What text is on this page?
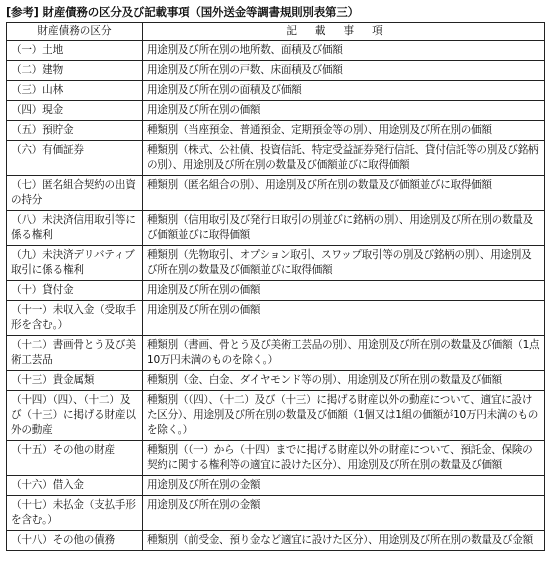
[参考] 財産債務の区分及び記載事項（国外送金等調書規則別表第三）
財産債務の区分	記載事項
（一）土地	用途別及び所在別の地所数、面積及び価額
（二）建物	用途別及び所在別の戸数、床面積及び価額
（三）山林	用途別及び所在別の面積及び価額
（四）現金	用途別及び所在別の価額
（五）預貯金	種類別（当座預金、普通預金、定期預金等の別）、用途別及び所在別の価額
（六）有価証券	種類別（株式、公社債、投資信託、特定受益証券発行信託、貸付信託等の別及び銘柄の別）、用途別及び所在別の数量及び価額並びに取得価額
（七）匿名組合契約の出資の持分	種類別（匿名組合の別）、用途別及び所在別の数量及び価額並びに取得価額
（八）未決済信用取引等に係る権利	種類別（信用取引及び発行日取引の別並びに銘柄の別）、用途別及び所在別の数量及び価額並びに取得価額
（九）未決済デリバティブ取引に係る権利	種類別（先物取引、オプション取引、スワップ取引等の別及び銘柄の別）、用途別及び所在別の数量及び価額並びに取得価額
（十）貸付金	用途別及び所在別の価額
（十一）未収入金（受取手形を含む。）	用途別及び所在別の価額
（十二）書画骨とう及び美術工芸品	種類別（書画、骨とう及び美術工芸品の別）、用途別及び所在別の数量及び価額（1点10万円未満のものを除く。）
（十三）貴金属類	種類別（金、白金、ダイヤモンド等の別）、用途別及び所在別の数量及び価額
（十四）（四）、（十二）及び（十三）に掲げる財産以外の動産	種類別（（四）、（十二）及び（十三）に掲げる財産以外の動産について、適宜に設けた区分）、用途別及び所在別の数量及び価額（1個又は1組の価額が10万円未満のものを除く。）
（十五）その他の財産	種類別（（一）から（十四）までに掲げる財産以外の財産について、預託金、保険の契約に関する権利等の適宜に設けた区分）、用途別及び所在別の数量及び価額
（十六）借入金	用途別及び所在別の金額
（十七）未払金（支払手形を含む。）	用途別及び所在別の金額
（十八）その他の債務	種類別（前受金、預り金など適宜に設けた区分）、用途別及び所在別の数量及び金額
